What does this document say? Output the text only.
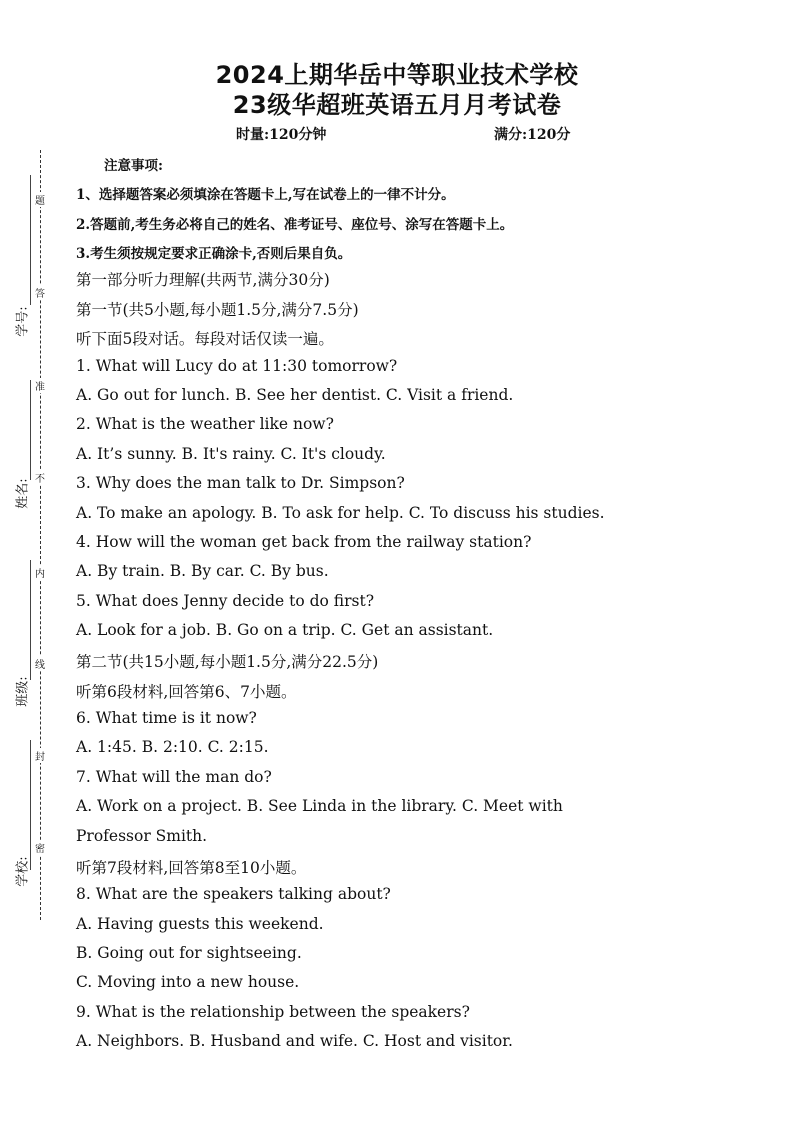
2024上期华岳中等职业技术学校
23级华超班英语五月月考试卷
时量:120分钟	满分:120分
注意事项:
1、选择题答案必须填涂在答题卡上,写在试卷上的一律不计分。
2.答题前,考生务必将自己的姓名、准考证号、座位号、涂写在答题卡上。
3.考生须按规定要求正确涂卡,否则后果自负。
学号:
姓名:
班级:
学校:
题
答
准
不
内
线
封
密
第一部分听力理解(共两节,满分30分)
第一节(共5小题,每小题1.5分,满分7.5分)
听下面5段对话。每段对话仅读一遍。
1. What will Lucy do at 11:30 tomorrow?
A. Go out for lunch. B. See her dentist. C. Visit a friend.
2. What is the weather like now?
A. It’s sunny. B. It's rainy. C. It's cloudy.
3. Why does the man talk to Dr. Simpson?
A. To make an apology. B. To ask for help. C. To discuss his studies.
4. How will the woman get back from the railway station?
A. By train. B. By car. C. By bus.
5. What does Jenny decide to do first?
A. Look for a job. B. Go on a trip. C. Get an assistant.
第二节(共15小题,每小题1.5分,满分22.5分)
听第6段材料,回答第6、7小题。
6. What time is it now?
A. 1:45. B. 2:10. C. 2:15.
7. What will the man do?
A. Work on a project. B. See Linda in the library. C. Meet with
Professor Smith.
听第7段材料,回答第8至10小题。
8. What are the speakers talking about?
A. Having guests this weekend.
B. Going out for sightseeing.
C. Moving into a new house.
9. What is the relationship between the speakers?
A. Neighbors. B. Husband and wife. C. Host and visitor.
